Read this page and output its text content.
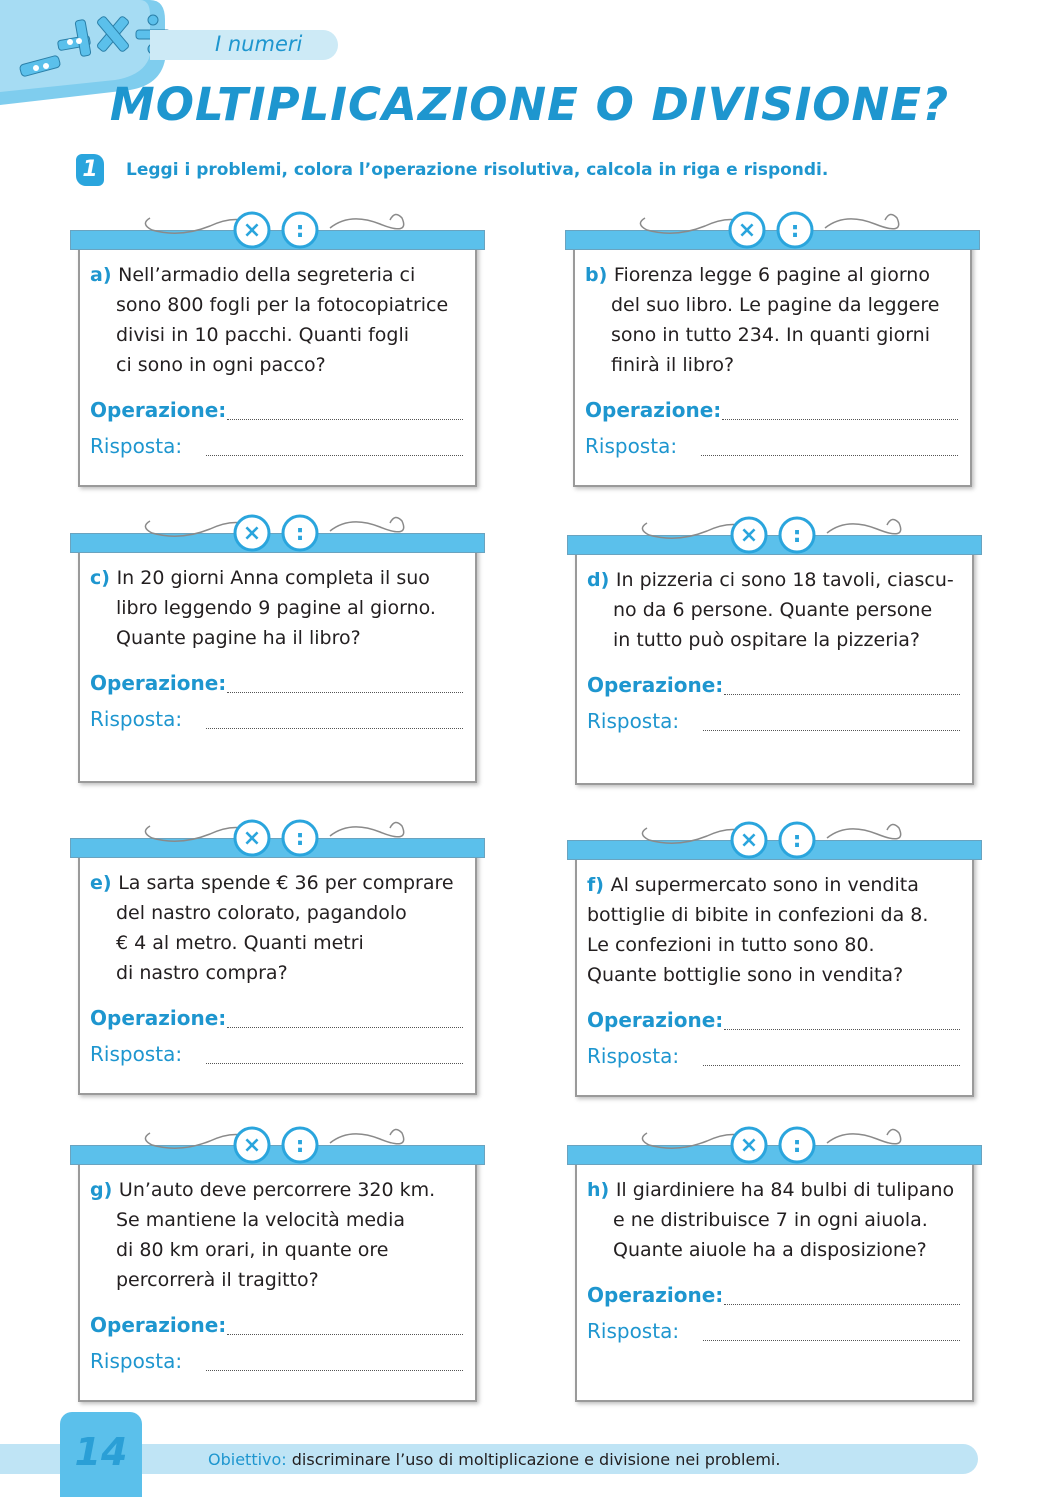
I numeri
MOLTIPLICAZIONE O DIVISIONE?
1	Leggi i problemi, colora l’operazione risolutiva, calcola in riga e rispondi.
× :
a) Nell’armadio della segreteria ci
sono 800 fogli per la fotocopiatrice
divisi in 10 pacchi. Quanti fogli
ci sono in ogni pacco?
Operazione:
Risposta:
× :
b) Fiorenza legge 6 pagine al giorno
del suo libro. Le pagine da leggere
sono in tutto 234. In quanti giorni
finirà il libro?
Operazione:
Risposta:
× :
c) In 20 giorni Anna completa il suo
libro leggendo 9 pagine al giorno.
Quante pagine ha il libro?
Operazione:
Risposta:
× :
d) In pizzeria ci sono 18 tavoli, ciascu-
no da 6 persone. Quante persone
in tutto può ospitare la pizzeria?
Operazione:
Risposta:
× :
e) La sarta spende € 36 per comprare
del nastro colorato, pagandolo
€ 4 al metro. Quanti metri
di nastro compra?
Operazione:
Risposta:
× :
f) Al supermercato sono in vendita
bottiglie di bibite in confezioni da 8.
Le confezioni in tutto sono 80.
Quante bottiglie sono in vendita?
Operazione:
Risposta:
× :
g) Un’auto deve percorrere 320 km.
Se mantiene la velocità media
di 80 km orari, in quante ore
percorrerà il tragitto?
Operazione:
Risposta:
× :
h) Il giardiniere ha 84 bulbi di tulipano
e ne distribuisce 7 in ogni aiuola.
Quante aiuole ha a disposizione?
Operazione:
Risposta:
14	Obiettivo: discriminare l’uso di moltiplicazione e divisione nei problemi.
